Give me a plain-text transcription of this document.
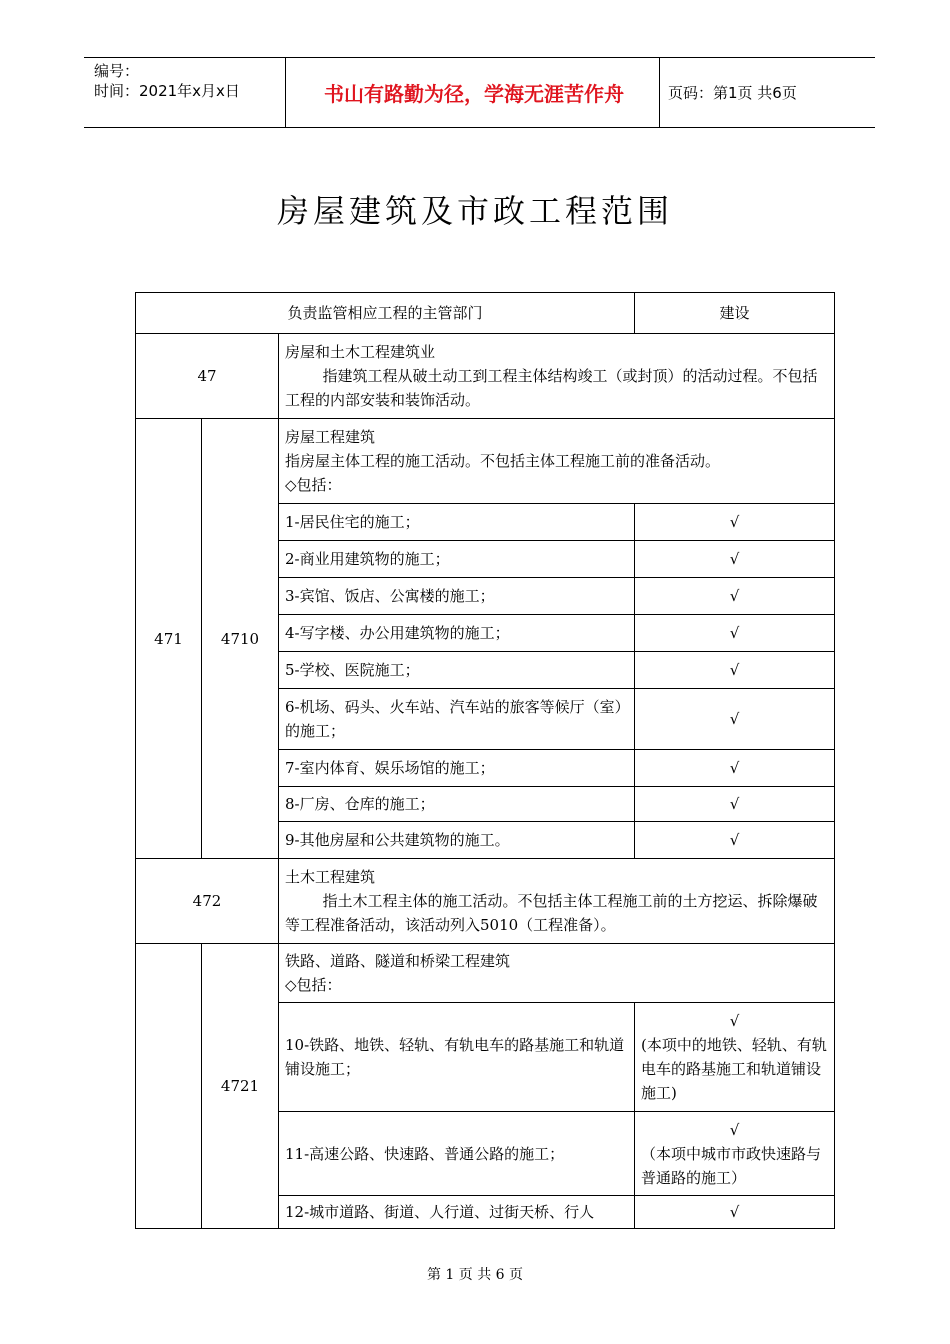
编号：
时间：2021年x月x日	书山有路勤为径，学海无涯苦作舟	页码：第1页 共6页
房屋建筑及市政工程范围
负责监管相应工程的主管部门			建设
47		房屋和土木工程建筑业
指建筑工程从破土动工到工程主体结构竣工（或封顶）的活动过程。不包括工程的内部安装和装饰活动。	

471	4710	房屋工程建筑
指房屋主体工程的施工活动。不包括主体工程施工前的准备活动。
◇包括：	

		1-居民住宅的施工；	√
		2-商业用建筑物的施工；	√
		3-宾馆、饭店、公寓楼的施工；	√
		4-写字楼、办公用建筑物的施工；	√
		5-学校、医院施工；	√
		6-机场、码头、火车站、汽车站的旅客等候厅（室）的施工；	√
		7-室内体育、娱乐场馆的施工；	√
		8-厂房、仓库的施工；	√
		9-其他房屋和公共建筑物的施工。	√
472		土木工程建筑
指土木工程主体的施工活动。不包括主体工程施工前的土方挖运、拆除爆破等工程准备活动，该活动列入5010（工程准备）。	

	4721	铁路、道路、隧道和桥梁工程建筑
◇包括：	

		10-铁路、地铁、轻轨、有轨电车的路基施工和轨道铺设施工；	√
(本项中的地铁、轻轨、有轨电车的路基施工和轨道铺设施工)

		11-高速公路、快速路、普通公路的施工；	√
（本项中城市市政快速路与普通路的施工）

		12-城市道路、街道、人行道、过街天桥、行人	√
第 1 页 共 6 页
